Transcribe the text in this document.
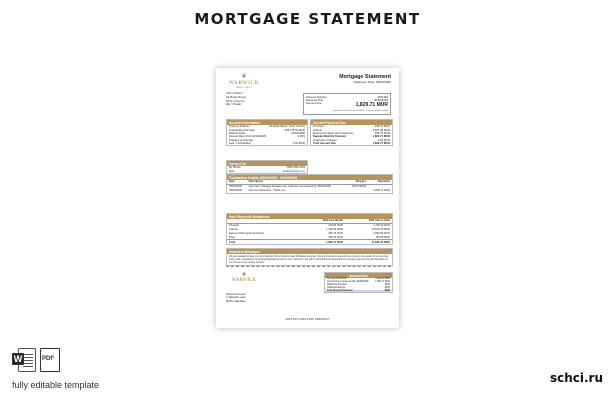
MORTGAGE STATEMENT
❦
WARWICK
BANK & TRUST
Mortgage Statement
Statement Date: 05/04/2025
John Citizen
16 Road Street
Town Country
Zip / Postal
Account Number	1057463
Payment Due	06/06/2025
Amount Due	1,829.71 MUR
If payment is received after 06/06/25, a late fee will be charged
Account Information
Property Address	16 Road Street, Town Country
Outstanding Principal	184,715.33 MUR
Maturity Date	04/01/2035
Interest Rate (Until 04/01/2025)	4.25%
Prepayment Penalty
Late / Outstanding	0.00 MUR
Current Payment Due
Principal	236.34 MUR
Interest	1,827.38 MUR
Escrow (for Taxes and Insurance)	235.73 MUR
Regular Monthly Payment	1,829.71 MUR
Total Fees Charged	0.00 MUR
Total Amount Due	1,829.71 MUR
Contact Us
By Phone	(555) 555-1234
Mail	mail@warwick.com
Transaction Activity (05/04/2025 - 20/04/2025)
Date	Description	Charges	Payments
05/04/2025	Late Fees (charged because your total was not received by 05/01/2025)	125.00 MUR	
05/04/2025	Payment Received – Thank you		1,829.71 MUR
Past Payments Breakdown
	Paid Last Month	Paid Year to Date
Principal	143.84 MUR	1,720.22 MUR
Interest	1,318.52 MUR	15,815.00 MUR
Escrow (Taxes and Insurance)	235.73 MUR	2,829.83 MUR
Fees	125.00 MUR	125.00 MUR
Total	1,829.71 MUR	21,955.31 MUR
Important Messages
We are pleased to have you as a Warwick Home Bank Limited Mortgage customer. We are honored to support the country in the quality of our services and remain committed to providing financial security for our customers. We will be scheduling an appointment to review your account and the plans for your home in the coming months.
❦
WARWICK
Warwick House
1 Warwick Lane
Moka, Mauritius
Amount Due
Due By 06/06/2025	1,829.71 MUR
Amount Due if received after 06/06/2025	1,954.71 MUR
Additional Principal	MUR
Additional Escrow	MUR
Total Amount Enclosed	MUR
1057463 00871190 06200617
W	PDF
fully editable template	schci.ru
